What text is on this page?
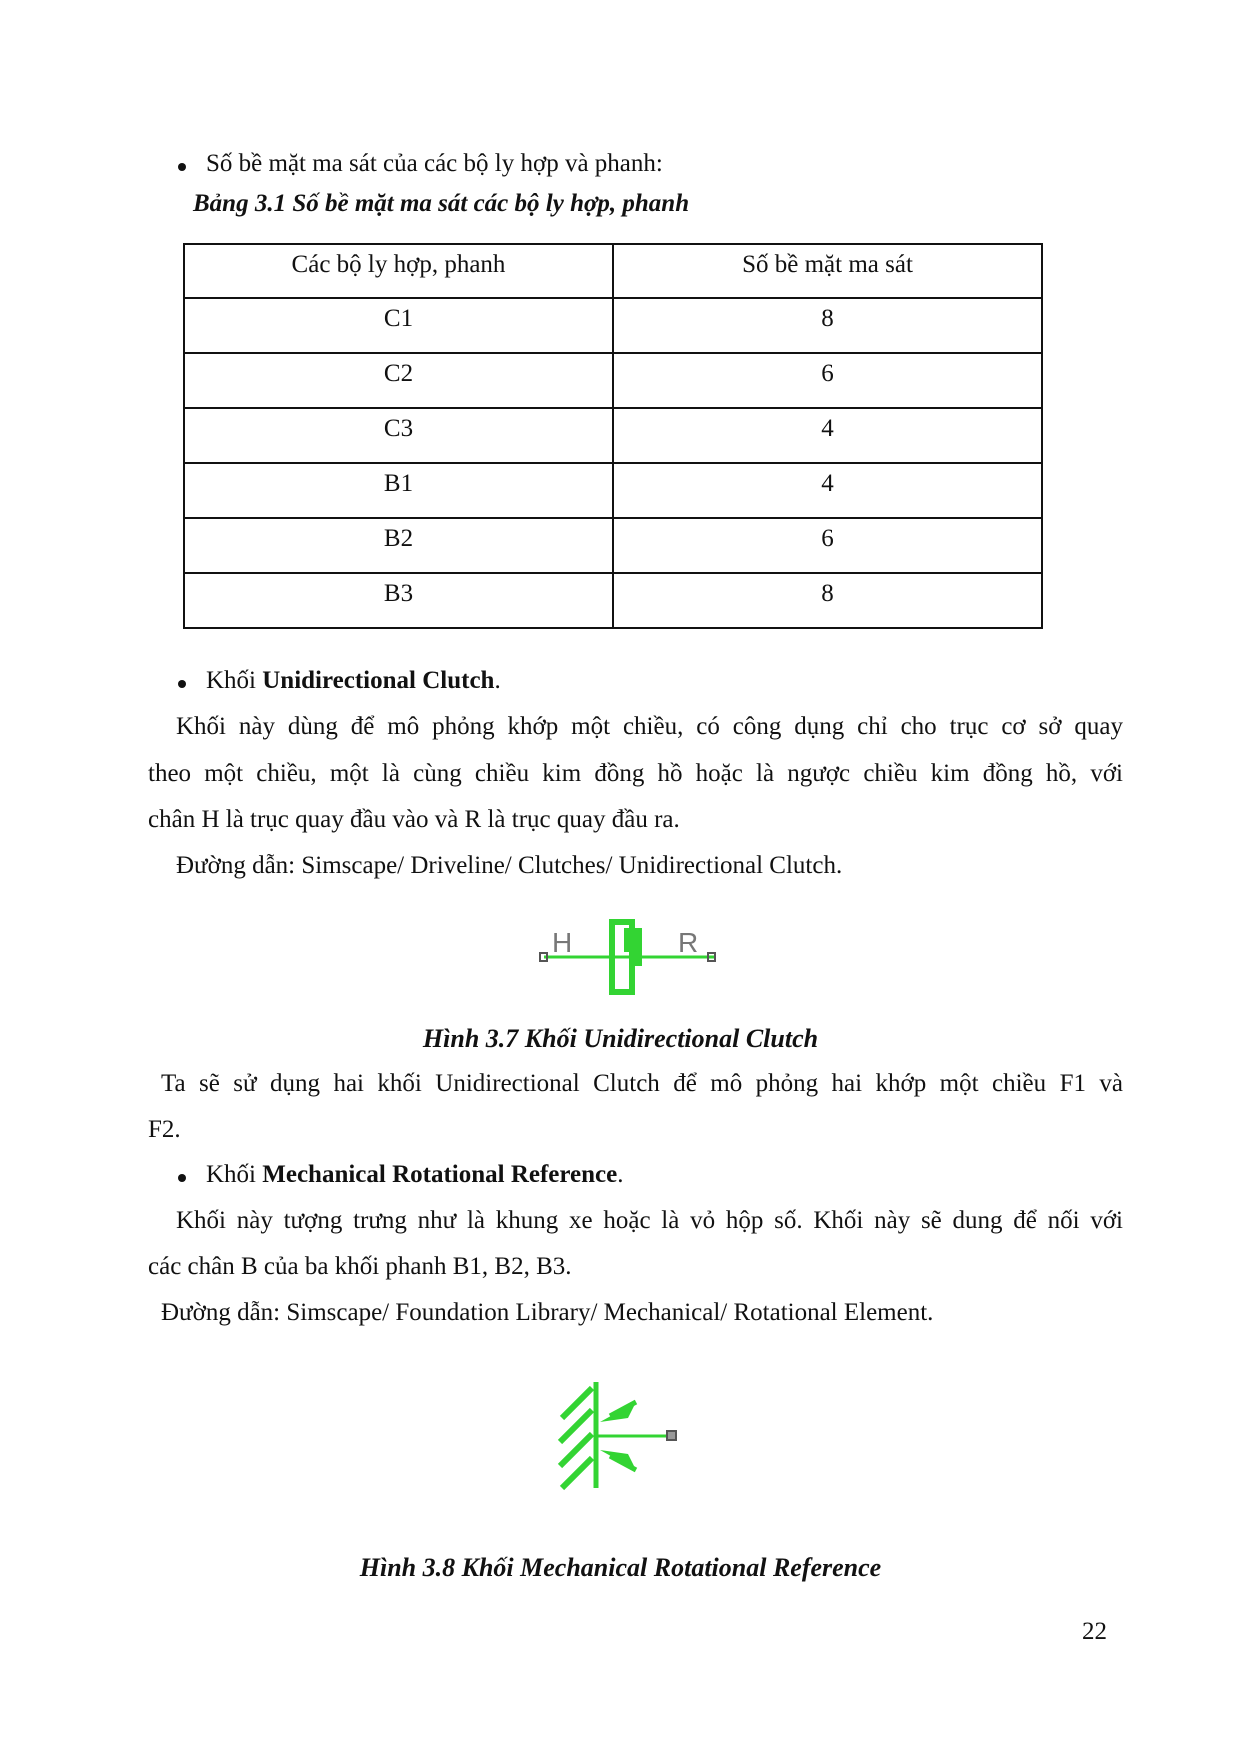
Số bề mặt ma sát của các bộ ly hợp và phanh:
Bảng 3.1 Số bề mặt ma sát các bộ ly hợp, phanh
Các bộ ly hợp, phanh	Số bề mặt ma sát
C1	8
C2	6
C3	4
B1	4
B2	6
B3	8
Khối Unidirectional Clutch.
Khối này dùng để mô phỏng khớp một chiều, có công dụng chỉ cho trục cơ sở quay
theo một chiều, một là cùng chiều kim đồng hồ hoặc là ngược chiều kim đồng hồ, với
chân H là trục quay đầu vào và R là trục quay đầu ra.
Đường dẫn: Simscape/ Driveline/ Clutches/ Unidirectional Clutch.
H	R
Hình 3.7 Khối Unidirectional Clutch
Ta sẽ sử dụng hai khối Unidirectional Clutch để mô phỏng hai khớp một chiều F1 và
F2.
Khối Mechanical Rotational Reference.
Khối này tượng trưng như là khung xe hoặc là vỏ hộp số. Khối này sẽ dung để nối với
các chân B của ba khối phanh B1, B2, B3.
Đường dẫn: Simscape/ Foundation Library/ Mechanical/ Rotational Element.
Hình 3.8 Khối Mechanical Rotational Reference
22
